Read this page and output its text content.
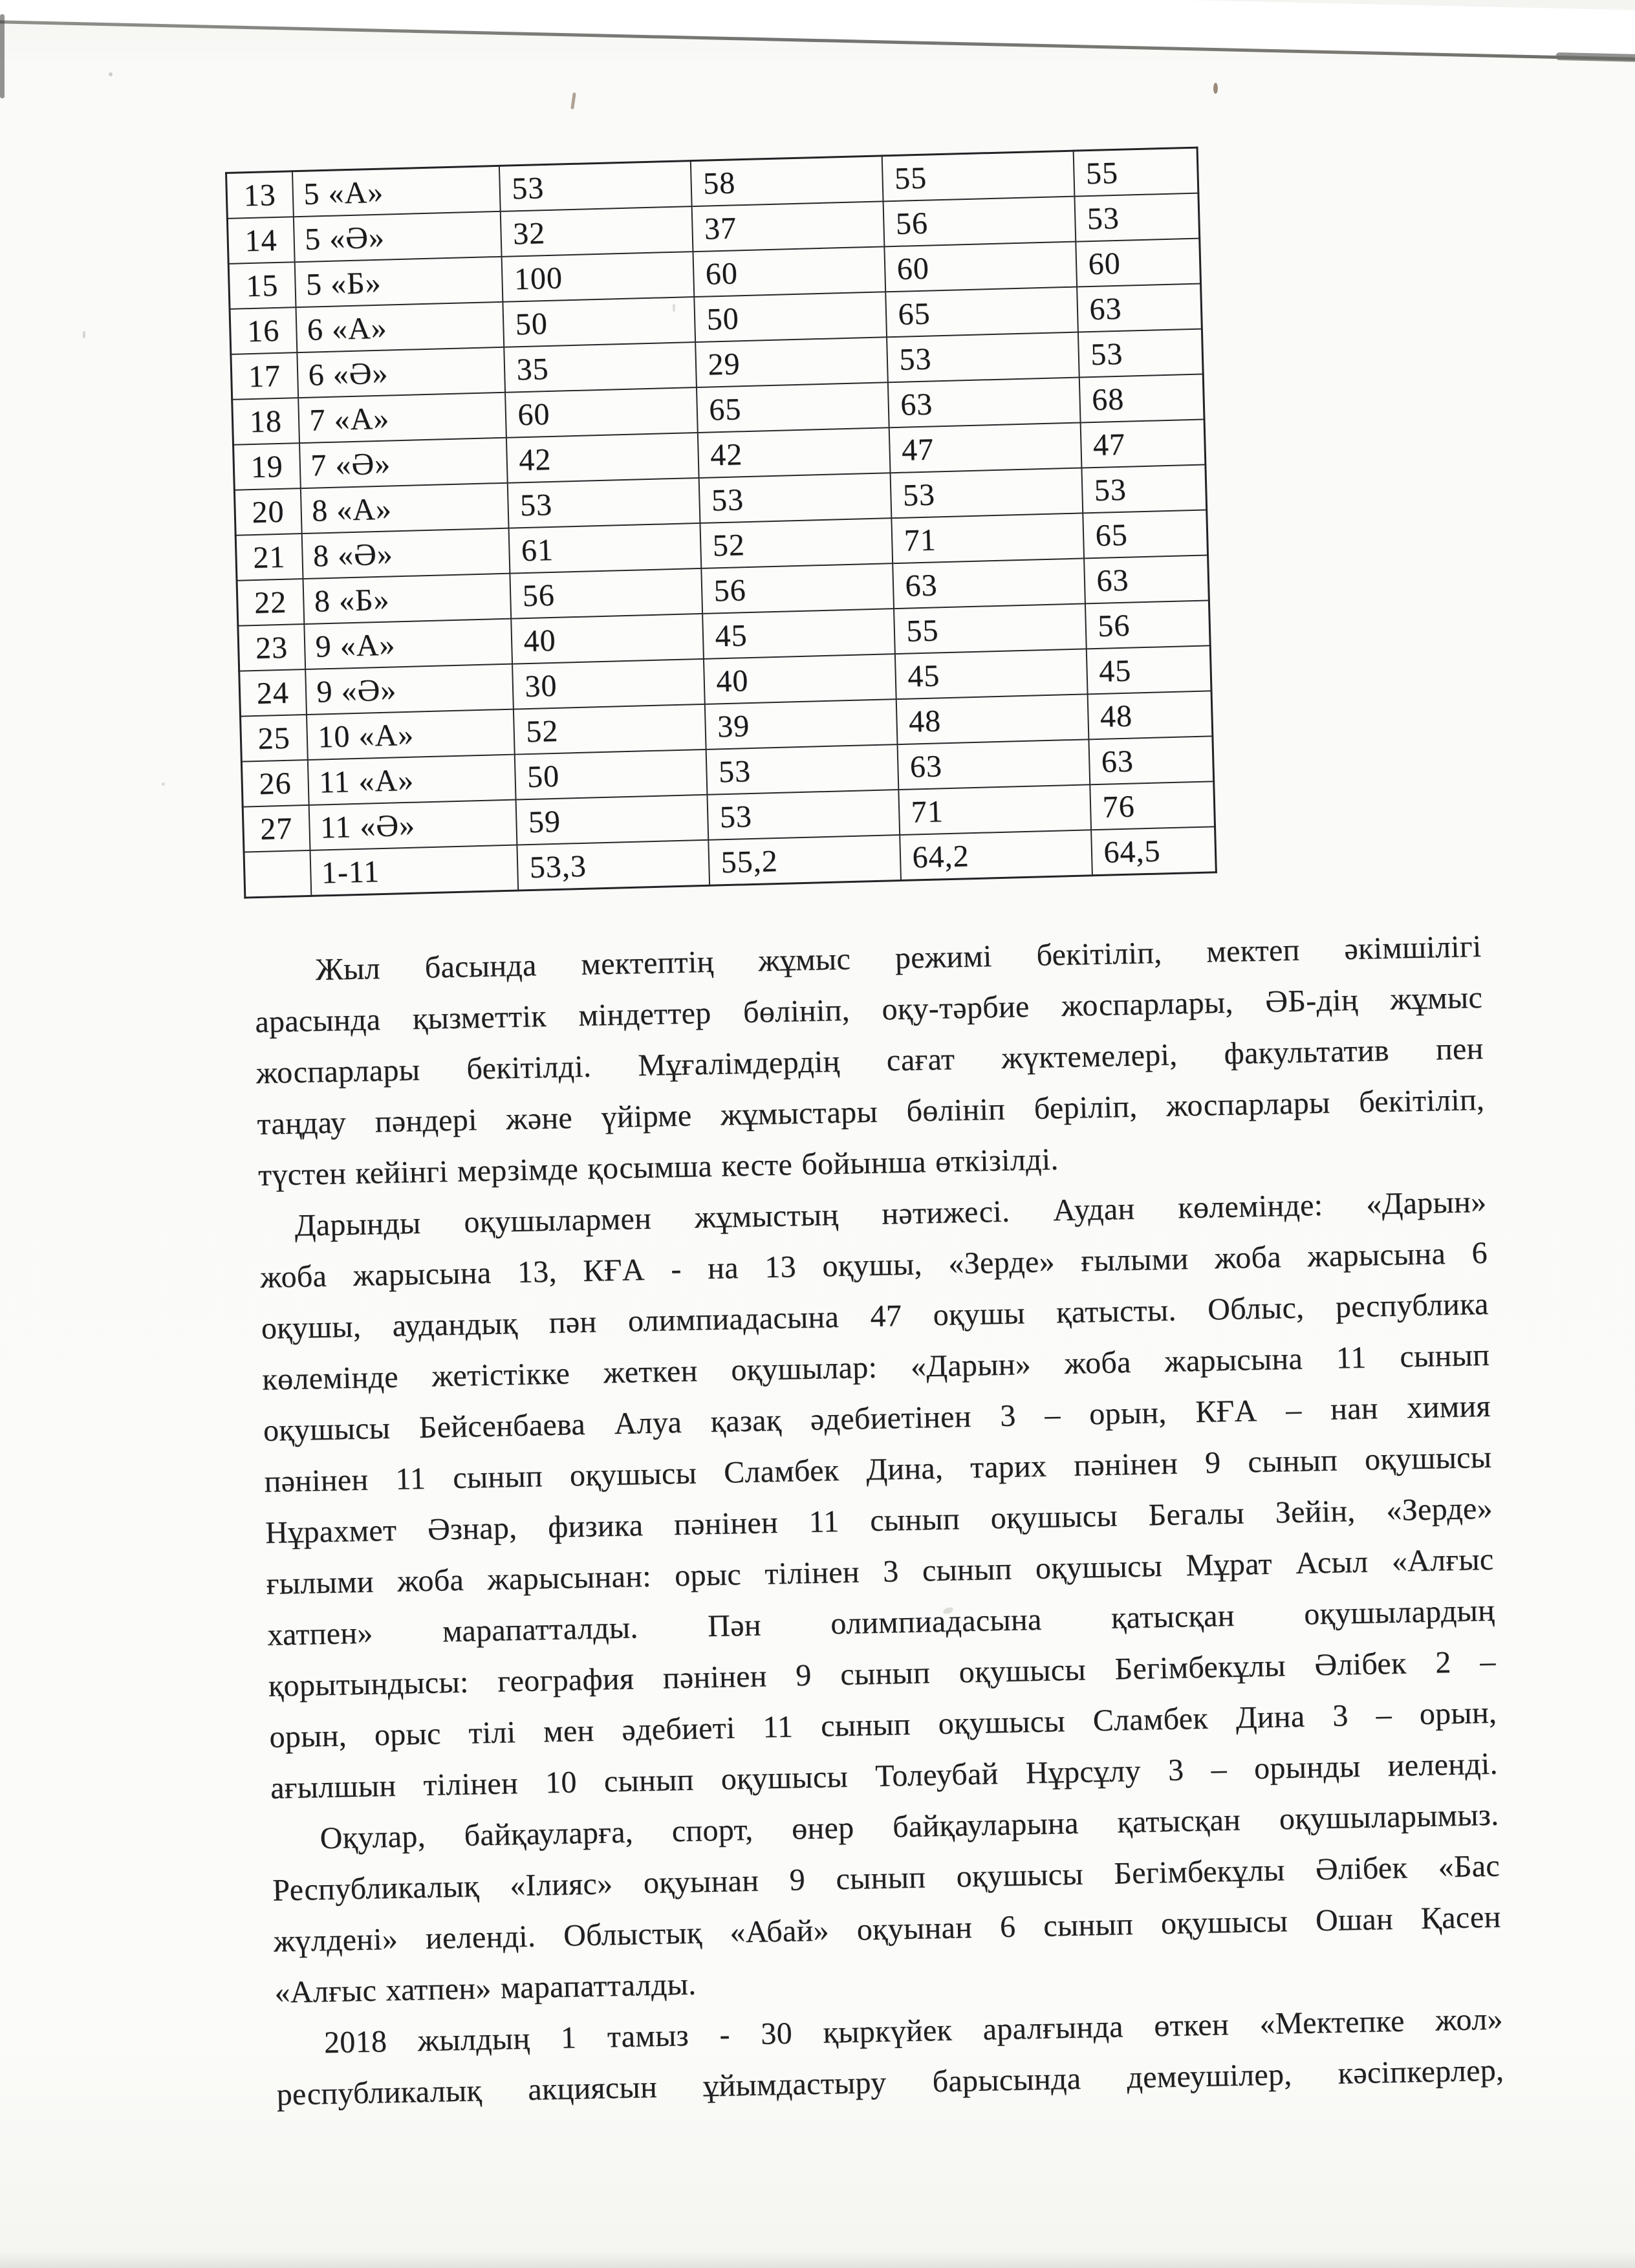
13	5 «А»	53	58	55	55
14	5 «Ә»	32	37	56	53
15	5 «Б»	100	60	60	60
16	6 «А»	50	50	65	63
17	6 «Ә»	35	29	53	53
18	7 «А»	60	65	63	68
19	7 «Ә»	42	42	47	47
20	8 «А»	53	53	53	53
21	8 «Ә»	61	52	71	65
22	8 «Б»	56	56	63	63
23	9 «А»	40	45	55	56
24	9 «Ә»	30	40	45	45
25	10 «А»	52	39	48	48
26	11 «А»	50	53	63	63
27	11 «Ә»	59	53	71	76
	1-11	53,3	55,2	64,2	64,5
Жыл басында мектептің жұмыс режимі бекітіліп, мектеп әкімшілігі
арасында қызметтік міндеттер бөлініп, оқу-тәрбие жоспарлары, ӘБ-дің жұмыс
жоспарлары бекітілді. Мұғалімдердің сағат жүктемелері, факультатив пен
таңдау пәндері және үйірме жұмыстары бөлініп беріліп, жоспарлары бекітіліп,
түстен кейінгі мерзімде қосымша кесте бойынша өткізілді.
Дарынды оқушылармен жұмыстың нәтижесі. Аудан көлемінде: «Дарын»
жоба жарысына 13, КҒА - на 13 оқушы, «Зерде» ғылыми жоба жарысына 6
оқушы, аудандық пән олимпиадасына 47 оқушы қатысты. Облыс, республика
көлемінде жетістікке жеткен оқушылар: «Дарын» жоба жарысына 11 сынып
оқушысы Бейсенбаева Алуа қазақ әдебиетінен 3 – орын, КҒА – нан химия
пәнінен 11 сынып оқушысы Сламбек Дина, тарих пәнінен 9 сынып оқушысы
Нұрахмет Әзнар, физика пәнінен 11 сынып оқушысы Бегалы Зейін, «Зерде»
ғылыми жоба жарысынан: орыс тілінен 3 сынып оқушысы Мұрат Асыл «Алғыс
хатпен» марапатталды. Пән олимпиадасына қатысқан оқушылардың
қорытындысы: география пәнінен 9 сынып оқушысы Бегімбекұлы Әлібек 2 –
орын, орыс тілі мен әдебиеті 11 сынып оқушысы Сламбек Дина 3 – орын,
ағылшын тілінен 10 сынып оқушысы Толеубай Нұрсұлу 3 – орынды иеленді.
Оқулар, байқауларға, спорт, өнер байқауларына қатысқан оқушыларымыз.
Республикалық «Ілияс» оқуынан 9 сынып оқушысы Бегімбекұлы Әлібек «Бас
жүлдені» иеленді. Облыстық «Абай» оқуынан 6 сынып оқушысы Ошан Қасен
«Алғыс хатпен» марапатталды.
2018 жылдың 1 тамыз - 30 қыркүйек аралғында өткен «Мектепке жол»
республикалық акциясын ұйымдастыру барысында демеушілер, кәсіпкерлер,
